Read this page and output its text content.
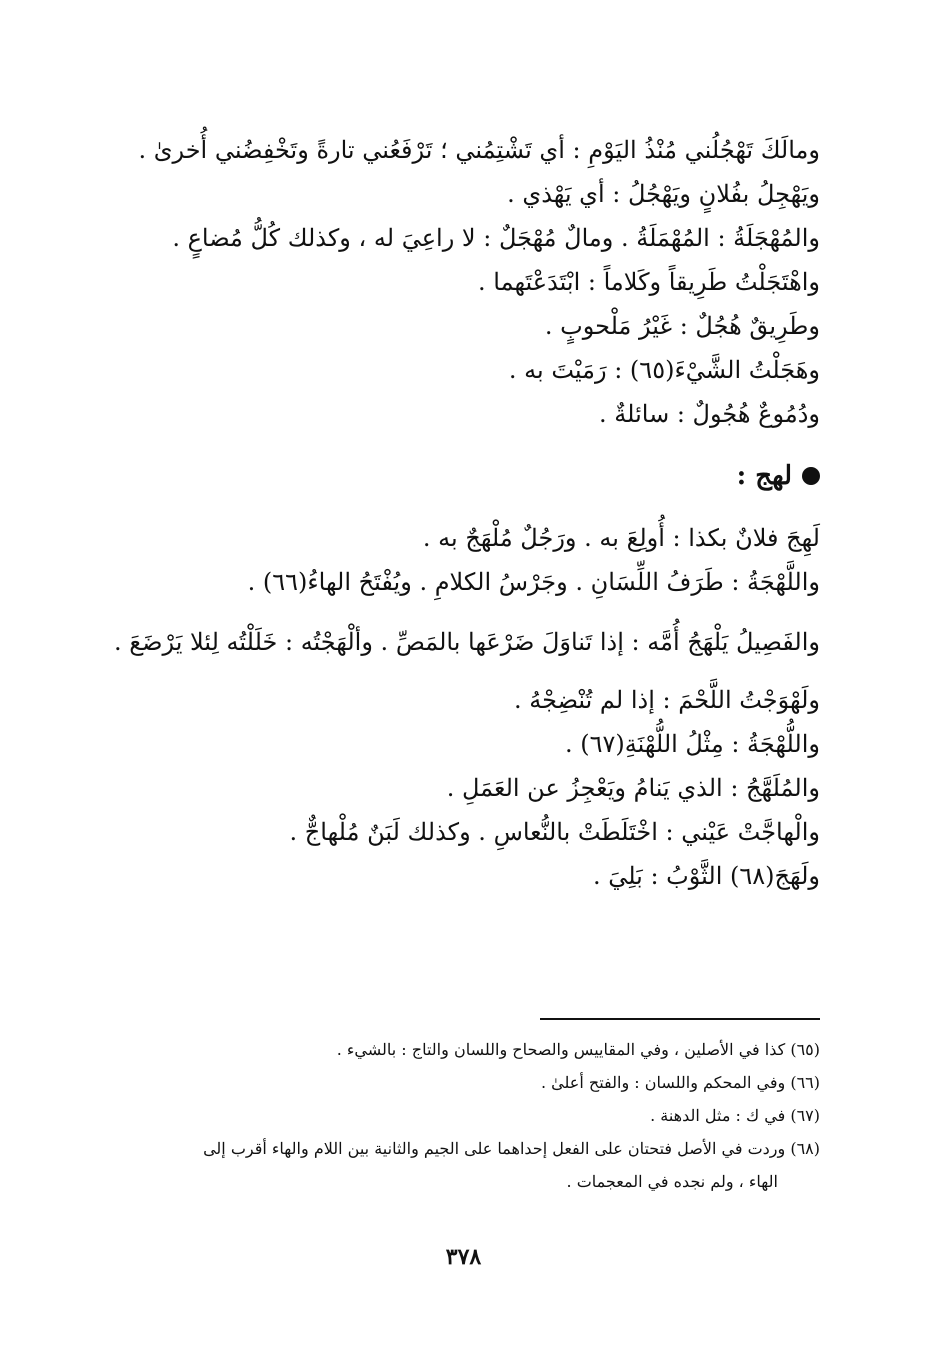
ومالَكَ تَهْجُلُني مُنْذُ اليَوْمِ : أي تَشْتِمُني ؛ تَرْفَعُني تارةً وتَخْفِضُني أُخرىٰ .
ويَهْجِلُ بفُلانٍ ويَهْجُلُ : أي يَهْذي .
والمُهْجَلَةُ : المُهْمَلَةُ . ومالٌ مُهْجَلٌ : لا راعِيَ له ، وكذلك كُلُّ مُضاعٍ .
واهْتَجَلْتُ طَرِيقاً وكَلاماً : ابْتَدَعْتَهما .
وطَرِيقٌ هُجُلٌ : غَيْرُ مَلْحوبٍ .
وهَجَلْتُ الشَّيْءَ(٦٥) : رَمَيْتَ به .
ودُمُوعٌ هُجُولٌ : سائلةٌ .
لهج :
لَهِجَ فلانٌ بكذا : أُولِعَ به . ورَجُلٌ مُلْهَجٌ به .
واللَّهْجَةُ : طَرَفُ اللِّسَانِ . وجَرْسُ الكلامِ . ويُفْتَحُ الهاءُ(٦٦) .
والفَصِيلُ يَلْهَجُ أُمَّه : إذا تَناوَلَ ضَرْعَها بالمَصِّ . وألْهَجْتُه : خَلَلْتُه لِئلا يَرْضَعَ .
ولَهْوَجْتُ اللَّحْمَ : إذا لم تُنْضِجْهُ .
واللُّهْجَةُ : مِثْلُ اللُّهْنَةِ(٦٧) .
والمُلَهَّجُ : الذي يَنامُ ويَعْجِزُ عن العَمَلِ .
والْهاجَّتْ عَيْني : اخْتَلَطَتْ بالنُّعاسِ . وكذلك لَبَنٌ مُلْهاجٌّ .
ولَهَجَ(٦٨) الثَّوْبُ : بَلِيَ .
(٦٥) كذا في الأصلين ، وفي المقاييس والصحاح واللسان والتاج : بالشيء .
(٦٦) وفي المحكم واللسان : والفتح أعلىٰ .
(٦٧) في ك : مثل الدهنة .
(٦٨) وردت في الأصل فتحتان على الفعل إحداهما على الجيم والثانية بين اللام والهاء أقرب إلى
الهاء ، ولم نجده في المعجمات .
٣٧٨
